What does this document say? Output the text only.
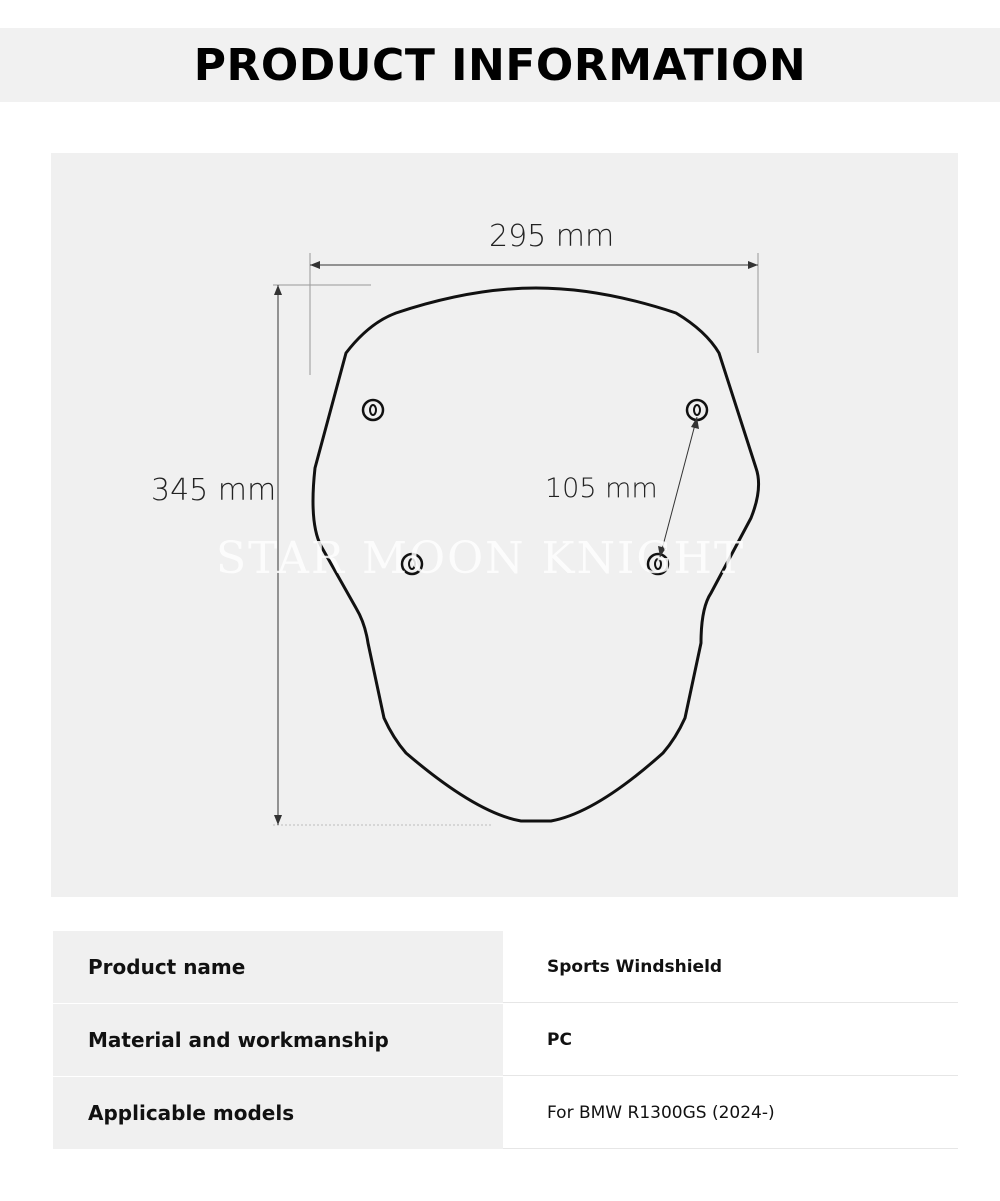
PRODUCT INFORMATION
295 mm
345 mm	105 mm
STAR MOON KNIGHT
Product name	Sports Windshield
Material and workmanship	PC
Applicable models	For BMW R1300GS (2024-)
